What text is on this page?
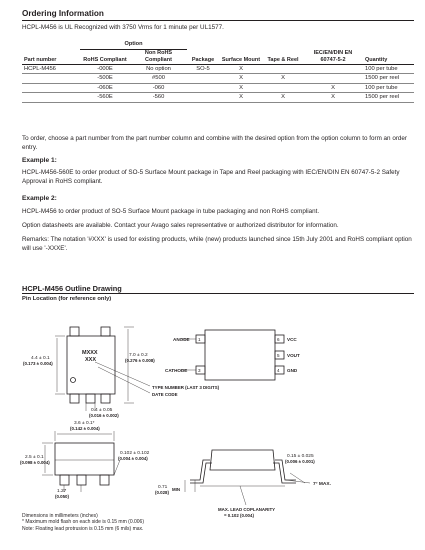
Ordering Information
HCPL-M456 is UL Recognized with 3750 Vrms for 1 minute per UL1577.
	Option						
Part number	RoHS Compliant	Non RoHS Compliant	Package	Surface Mount	Tape & Reel	IEC/EN/DIN EN 60747-5-2	Quantity
HCPL-M456	-000E	No option	SO-5	X			100 per tube
	-500E	#500		X	X		1500 per reel
	-060E	-060		X		X	100 per tube
	-560E	-560		X	X	X	1500 per reel
To order, choose a part number from the part number column and combine with the desired option from the option column to form an order entry.
Example 1:
HCPL-M456-560E to order product of SO-5 Surface Mount package in Tape and Reel packaging with IEC/EN/DIN EN 60747-5-2 Safety Approval in RoHS compliant.
Example 2:
HCPL-M456 to order product of SO-5 Surface Mount package in tube packaging and non RoHS compliant.
Option datasheets are available. Contact your Avago sales representative or authorized distributor for information.
Remarks: The notation '#XXX' is used for existing products, while (new) products launched since 15th July 2001 and RoHS compliant option will use '-XXXE'.
HCPL-M456 Outline Drawing
Pin Location (for reference only)
MXXX
XXX
4.4 ± 0.1
(0.173 ± 0.004)
7.0 ± 0.2
(0.276 ± 0.008)
TYPE NUMBER (LAST 3 DIGITS)
DATE CODE
0.4 ± 0.05
(0.016 ± 0.002)
1
3
6
5
4
ANODE
CATHODE
VCC
VOUT
GND
3.6 ± 0.1*
(0.142 ± 0.004)
2.5 ± 0.1
(0.098 ± 0.004)
1.27
(0.050)
0.102 ± 0.102
(0.004 ± 0.004)
0.71
(0.028)
MIN
0.15 ± 0.025
(0.006 ± 0.001)
7° MAX.
MAX. LEAD COPLANARITY
= 0.102 (0.004)
Dimensions in millimeters (inches)
* Maximum mold flash on each side is 0.15 mm (0.006)
Note: Floating lead protrusion is 0.15 mm (6 mils) max.
